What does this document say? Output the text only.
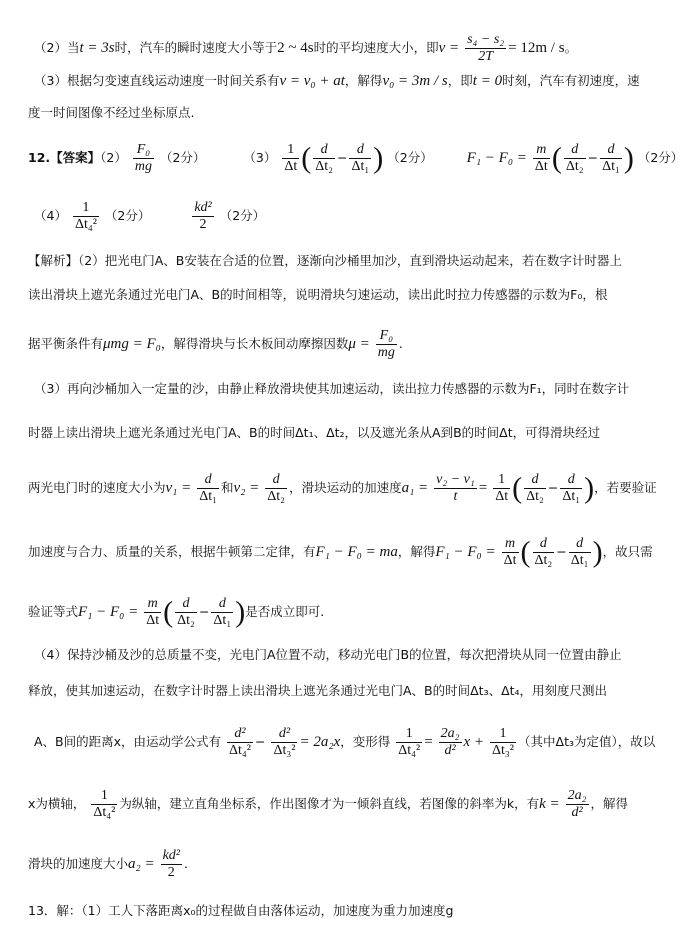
（2）当t = 3s时，汽车的瞬时速度大小等于2 ~ 4s时的平均速度大小，即$v = \frac{\text{s₄ − s₂}}{2T} = 12m / s$。
（3）根据匀变速直线运动速度一时间关系有v = v₀ + at，解得v₀ = 3m / s，即t = 0时刻，汽车有初速度，速
度一时间图像不经过坐标原点.
12.【答案】$(2) \frac{\text{F₀}}{mg} (2$分）	$(3) \frac{1}{\Delta t}$ ( $\frac{d}{\text{Δt₂}} - \frac{d}{\text{Δt₁}}$ ) （2分） $F_1 - F_0 = \frac{m}{\Delta t}$ ( $\frac{d}{\text{Δt₂}} - \frac{d}{\text{Δt₁}}$ ) （2分）
$(4) \frac{1}{\text{Δt₄²}} (2$分）	$\frac{\text{kd²}}{2} (2$分）
【解析】（2）把光电门A、B安装在合适的位置，逐渐向沙桶里加沙，直到滑块运动起来，若在数字计时器上
读出滑块上遮光条通过光电门A、B的时间相等，说明滑块匀速运动，读出此时拉力传感器的示数为F₀，根
据平衡条件有μmg = F₀，解得滑块与长木板间动摩擦因数$\mu = \frac{\text{F₀}}{mg}$ .
（3）再向沙桶加入一定量的沙，由静止释放滑块使其加速运动，读出拉力传感器的示数为F₁，同时在数字计
时器上读出滑块上遮光条通过光电门A、B的时间Δt₁、Δt₂，以及遮光条从A到B的时间Δt，可得滑块经过
两光电门时的速度大小为$v_1 = \frac{d}{\text{Δt₁}}$ 和$v_2 = \frac{d}{\text{Δt₂}}$ ，滑块运动的加速度$a_1 = \frac{\text{v₂ − v₁}}{t} = \frac{1}{\Delta t}$ ( $\frac{d}{\text{Δt₂}} - \frac{d}{\text{Δt₁}}$ )，若要验证
加速度与合力、质量的关系，根据牛顿第二定律，有F₁ − F₀ = ma，解得$F_1 - F_0 = \frac{m}{\Delta t}$ ( $\frac{d}{\text{Δt₂}} - \frac{d}{\text{Δt₁}}$ )，故只需
验证等式$F_1 - F_0 = \frac{m}{\Delta t}$ ( $\frac{d}{\text{Δt₂}} - \frac{d}{\text{Δt₁}}$ )是否成立即可.
（4）保持沙桶及沙的总质量不变，光电门A位置不动，移动光电门B的位置，每次把滑块从同一位置由静止
释放，使其加速运动，在数字计时器上读出滑块上遮光条通过光电门A、B的时间Δt₃、Δt₄，用刻度尺测出
A、B间的距离x，由运动学公式有 $\frac{\text{d²}}{\text{Δt₄²}} - \frac{\text{d²}}{\text{Δt₃²}} = 2a_2x$，变形得 $\frac{1}{\text{Δt₄²}} = \frac{\text{2a₂}}{\text{d²}}$ $x + \frac{1}{\text{Δt₃²}}$ （其中Δt₃为定值），故以
x为横轴， $\frac{1}{\text{Δt₄²}}$ 为纵轴，建立直角坐标系，作出图像才为一倾斜直线，若图像的斜率为k，有$k = \frac{\text{2a₂}}{\text{d²}}$ ，解得
滑块的加速度大小$a_2 = \frac{\text{kd²}}{2}$ .
13．解：（1）工人下落距离x₀的过程做自由落体运动，加速度为重力加速度g
